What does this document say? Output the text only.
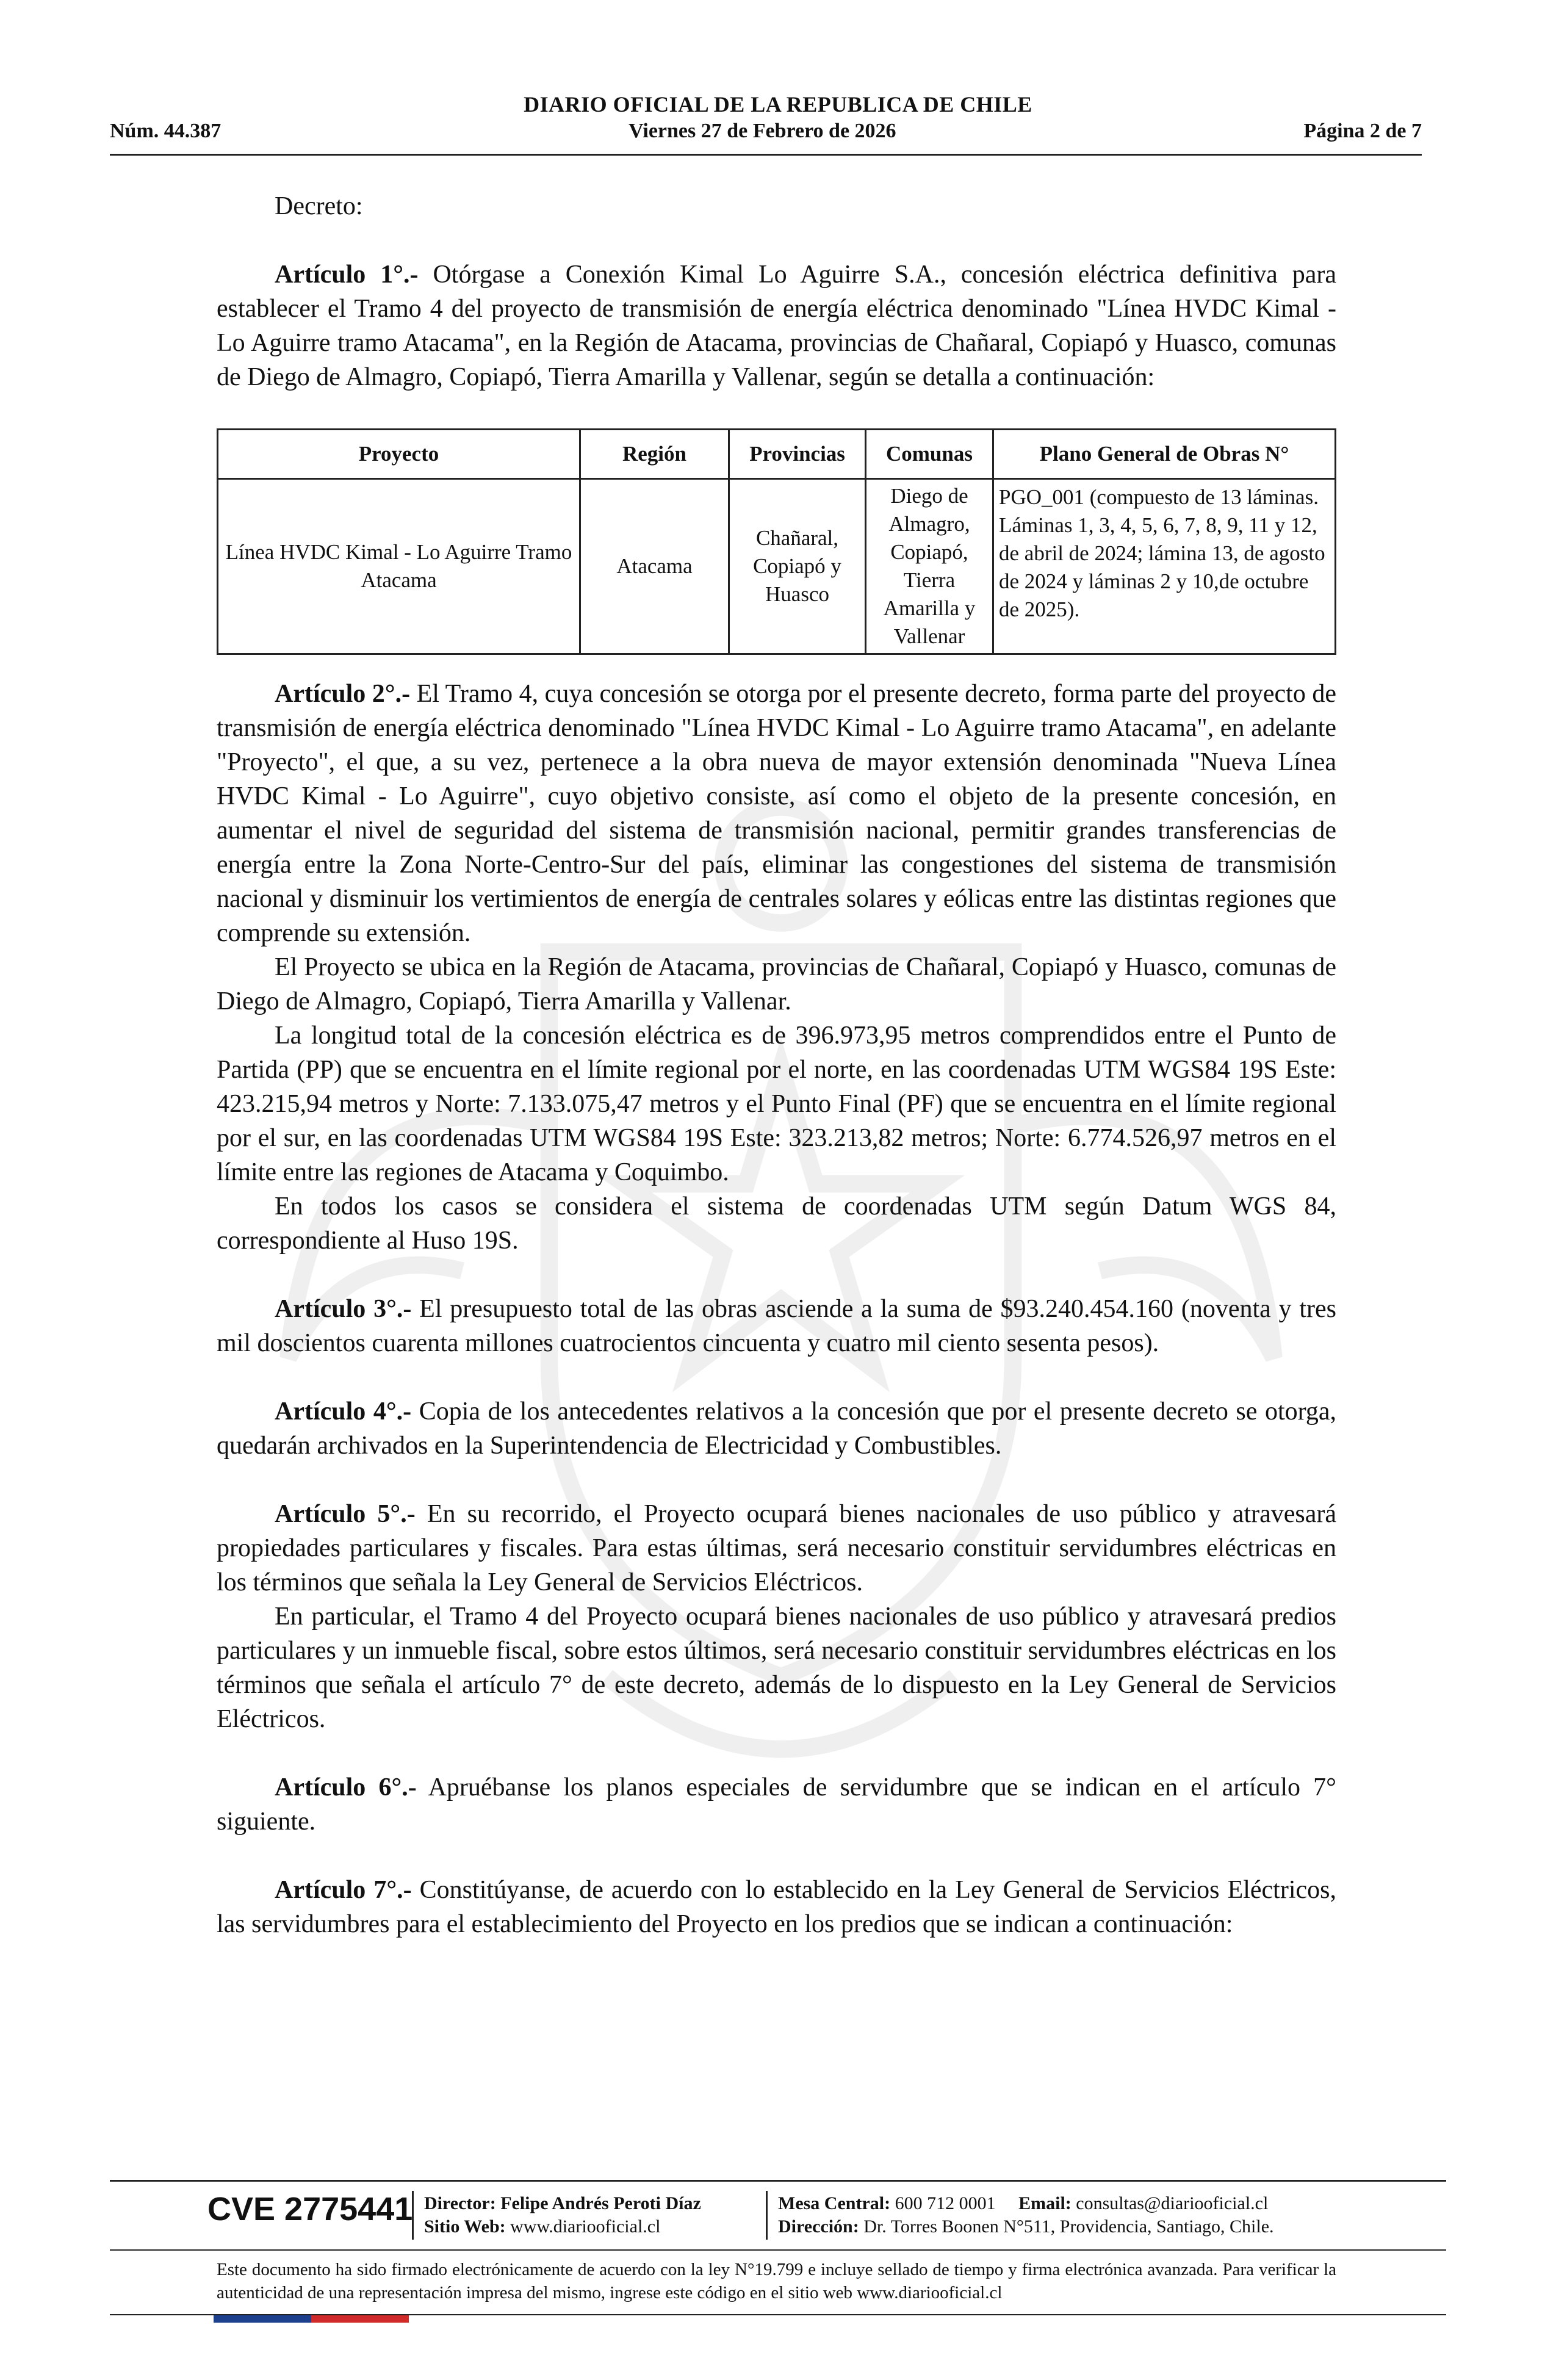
DIARIO OFICIAL DE LA REPUBLICA DE CHILE
Núm. 44.387	Viernes 27 de Febrero de 2026	Página 2 de 7

Decreto:

Artículo 1°.- Otórgase a Conexión Kimal Lo Aguirre S.A., concesión eléctrica definitiva para establecer el Tramo 4 del proyecto de transmisión de energía eléctrica denominado "Línea HVDC Kimal - Lo Aguirre tramo Atacama", en la Región de Atacama, provincias de Chañaral, Copiapó y Huasco, comunas de Diego de Almagro, Copiapó, Tierra Amarilla y Vallenar, según se detalla a continuación:

Proyecto	Región	Provincias	Comunas	Plano General de Obras N°
Línea HVDC Kimal - Lo Aguirre Tramo Atacama	Atacama	Chañaral, Copiapó y Huasco	Diego de Almagro, Copiapó, Tierra Amarilla y Vallenar	PGO_001 (compuesto de 13 láminas. Láminas 1, 3, 4, 5, 6, 7, 8, 9, 11 y 12, de abril de 2024; lámina 13, de agosto de 2024 y láminas 2 y 10,de octubre de 2025).

Artículo 2°.- El Tramo 4, cuya concesión se otorga por el presente decreto, forma parte del proyecto de transmisión de energía eléctrica denominado "Línea HVDC Kimal - Lo Aguirre tramo Atacama", en adelante "Proyecto", el que, a su vez, pertenece a la obra nueva de mayor extensión denominada "Nueva Línea HVDC Kimal - Lo Aguirre", cuyo objetivo consiste, así como el objeto de la presente concesión, en aumentar el nivel de seguridad del sistema de transmisión nacional, permitir grandes transferencias de energía entre la Zona Norte-Centro-Sur del país, eliminar las congestiones del sistema de transmisión nacional y disminuir los vertimientos de energía de centrales solares y eólicas entre las distintas regiones que comprende su extensión.

El Proyecto se ubica en la Región de Atacama, provincias de Chañaral, Copiapó y Huasco, comunas de Diego de Almagro, Copiapó, Tierra Amarilla y Vallenar.

La longitud total de la concesión eléctrica es de 396.973,95 metros comprendidos entre el Punto de Partida (PP) que se encuentra en el límite regional por el norte, en las coordenadas UTM WGS84 19S Este: 423.215,94 metros y Norte: 7.133.075,47 metros y el Punto Final (PF) que se encuentra en el límite regional por el sur, en las coordenadas UTM WGS84 19S Este: 323.213,82 metros; Norte: 6.774.526,97 metros en el límite entre las regiones de Atacama y Coquimbo.

En todos los casos se considera el sistema de coordenadas UTM según Datum WGS 84, correspondiente al Huso 19S.

Artículo 3°.- El presupuesto total de las obras asciende a la suma de $93.240.454.160 (noventa y tres mil doscientos cuarenta millones cuatrocientos cincuenta y cuatro mil ciento sesenta pesos).

Artículo 4°.- Copia de los antecedentes relativos a la concesión que por el presente decreto se otorga, quedarán archivados en la Superintendencia de Electricidad y Combustibles.

Artículo 5°.- En su recorrido, el Proyecto ocupará bienes nacionales de uso público y atravesará propiedades particulares y fiscales. Para estas últimas, será necesario constituir servidumbres eléctricas en los términos que señala la Ley General de Servicios Eléctricos.

En particular, el Tramo 4 del Proyecto ocupará bienes nacionales de uso público y atravesará predios particulares y un inmueble fiscal, sobre estos últimos, será necesario constituir servidumbres eléctricas en los términos que señala el artículo 7° de este decreto, además de lo dispuesto en la Ley General de Servicios Eléctricos.

Artículo 6°.- Apruébanse los planos especiales de servidumbre que se indican en el artículo 7° siguiente.

Artículo 7°.- Constitúyanse, de acuerdo con lo establecido en la Ley General de Servicios Eléctricos, las servidumbres para el establecimiento del Proyecto en los predios que se indican a continuación:

CVE 2775441 Director: Felipe Andrés Peroti Díaz
Sitio Web: www.diariooficial.cl
Mesa Central: 600 712 0001 Email: consultas@diariooficial.cl
Dirección: Dr. Torres Boonen N°511, Providencia, Santiago, Chile.
Este documento ha sido firmado electrónicamente de acuerdo con la ley N°19.799 e incluye sellado de tiempo y firma electrónica avanzada. Para verificar la autenticidad de una representación impresa del mismo, ingrese este código en el sitio web www.diariooficial.cl
